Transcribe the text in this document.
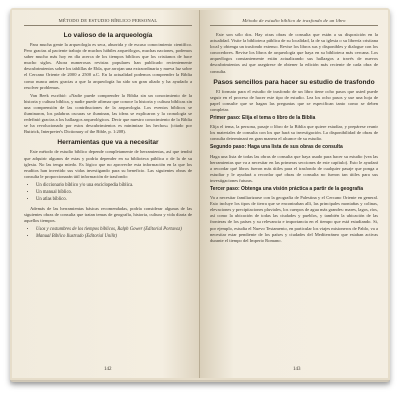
MÉTODO DE ESTUDIO BÍBLICO PERSONAL
Lo valioso de la arqueología

Para mucha gente la arqueología es seca, aburrida y de escaso conocimiento científico. Pero gracias al paciente trabajo de muchos hábiles arqueólogos, muchas naciones, podemos saber mucho más hoy en día acerca de los tiempos bíblicos que los cristianos de hace mucho siglos. Ahora numerosas revistas populares han publicado recientemente descubrimientos sobre los tablillas de Ebla, que arrojan una extraordinaria y nueva luz sobre el Cercano Oriente de 2000 a 2500 a.C. En la actualidad podemos comprender la Biblia como nunca antes gracias a que la arqueología ha sido un gran aliado y ha ayudado a resolver problemas.

Van Beek escribió: «Nadie puede comprender la Biblia sin un conocimiento de la historia y cultura bíblica, y nadie puede afirmar que conoce la historia y cultura bíblicas sin una comprensión de las contribuciones de la arqueología. Los eventos bíblicos se iluminaron, los palabras oscuras se iluminan, las ideas se explicaron y la cronología se redefinió gracias a los hallazgos arqueológicos. Decir que nuestro conocimiento de la Biblia se ha revolucionado por estos descubrimientos es minimizar los hechos» (citado por Buttrick, Interpreter's Dictionary of the Bible, p. 1:208).

Herramientas que va a necesitar

Este método de estudio bíblico depende completamente de herramientas, así que tendrá que adquirir algunos de estas y podría depender en su biblioteca pública o de la de su iglesia. No las tenga miedo. Es lógico que no aproveche esta información en la que los eruditos han invertido sus vidas investigando para su beneficio. Las siguientes obras de consulta le proporcionarán útil información de trasfondo:

• Un diccionario bíblico y/o una enciclopedia bíblica.
• Un manual bíblico.
• Un atlas bíblico.

Además de las herramientas básicas recomendadas, podría considerar algunas de las siguientes obras de consulta que tratan temas de geografía, historia, cultura y vida diaria de aquellos tiempos.

• Usos y costumbres de los tiempos bíblicos, Ralph Gower (Editorial Portavoz)
• Manual Bíblico Ilustrado (Editorial Unilit)
142
Método de estudio bíblico de trasfondo de un libro

Este son sólo dos. Hay otras obras de consulta que están a su disposición en la actualidad. Visite la biblioteca pública de su localidad, la de su iglesia o su librería cristiana local y obtenga un trasfondo extenso. Revise los libros sus y disponibles y dialogue con los conocedores. Revise los libros de arqueología que haya en su biblioteca más cercana. Los arqueólogos constantemente están actualizando sus hallazgos a través de nuevos descubrimientos así que asegúrese de obtener la edición más reciente de cada obra de consulta.

Pasos sencillos para hacer su estudio de trasfondo

El formato para el estudio de trasfondo de un libro tiene ocho pasos que usted puede seguir en el proceso de hacer este tipo de estudio. Lea los ocho pasos y use una hoja de papel consulte que se hagan las preguntas que se especifican tanto como se deben completar.

Primer paso: Elija el tema o libro de la Biblia

Elija el tema, la persona, pasaje o libro de la Biblia que quiere estudiar, y prepárese reunir los materiales de consulta con los que hará su investigación. La disponibilidad de obras de consulta determinará en gran manera el alcance de su estudio.

Segundo paso: Haga una lista de sus obras de consulta

Haga una lista de todas las obras de consulta que haya usado para hacer su estudio (vea las herramientas que va a necesitar en las primeras secciones de este capítulo). Esto le ayudará a recordar qué libros fueron más útiles para el trasfondo de cualquier pasaje que ponga a estudiar y le ayudará a recordar qué obras de consulta no fueron tan útiles para sus investigaciones futuras.

Tercer paso: Obtenga una visión práctica a partir de la geografía

Va a necesitar familiarizarse con la geografía de Palestina y el Cercano Oriente en general. Esto incluye los tipos de tierra que se encontraban allí, las principales montañas y colinas, elevaciones y precipitaciones pluviales, los cuerpos de agua más grandes: mares, lagos, ríos, así como la ubicación de todas las ciudades y pueblos, y también la ubicación de las fronteras de los países y su relevancia e importancia en el tiempo que está estudiando. Si, por ejemplo, estudia el Nuevo Testamento, en particular los viajes misioneros de Pablo, va a necesitar estar pendiente de los países y ciudades del Mediterráneo que estaban activas durante el tiempo del Imperio Romano.

143
